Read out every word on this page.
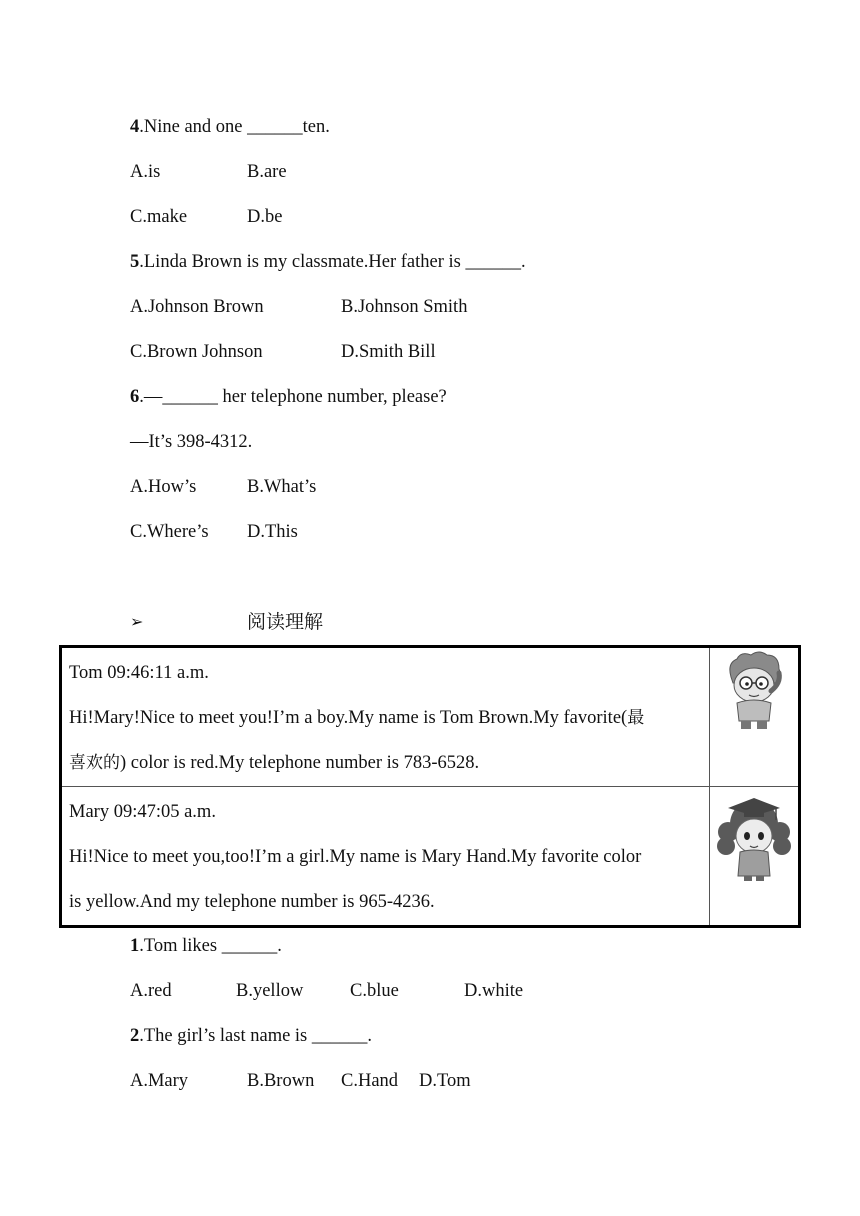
4.Nine and one ______ten.
A.is	B.are
C.make	D.be
5.Linda Brown is my classmate.Her father is ______.
A.Johnson Brown	B.Johnson Smith
C.Brown Johnson	D.Smith Bill
6.—______ her telephone number, please?
—It’s 398-4312.
A.How’s	B.What’s
C.Where’s D.This
➢	阅读理解

Tom 09:46:11 a.m.

Hi!Mary!Nice to meet you!I’m a boy.My name is Tom Brown.My favorite(最

喜欢的) color is red.My telephone number is 783-6528.

Mary 09:47:05 a.m.

Hi!Nice to meet you,too!I’m a girl.My name is Mary Hand.My favorite color

is yellow.And my telephone number is 965-4236.

1.Tom likes ______.
A.red	B.yellow	C.blue	D.white
2.The girl’s last name is ______.
A.Mary	B.Brown C.Hand D.Tom
